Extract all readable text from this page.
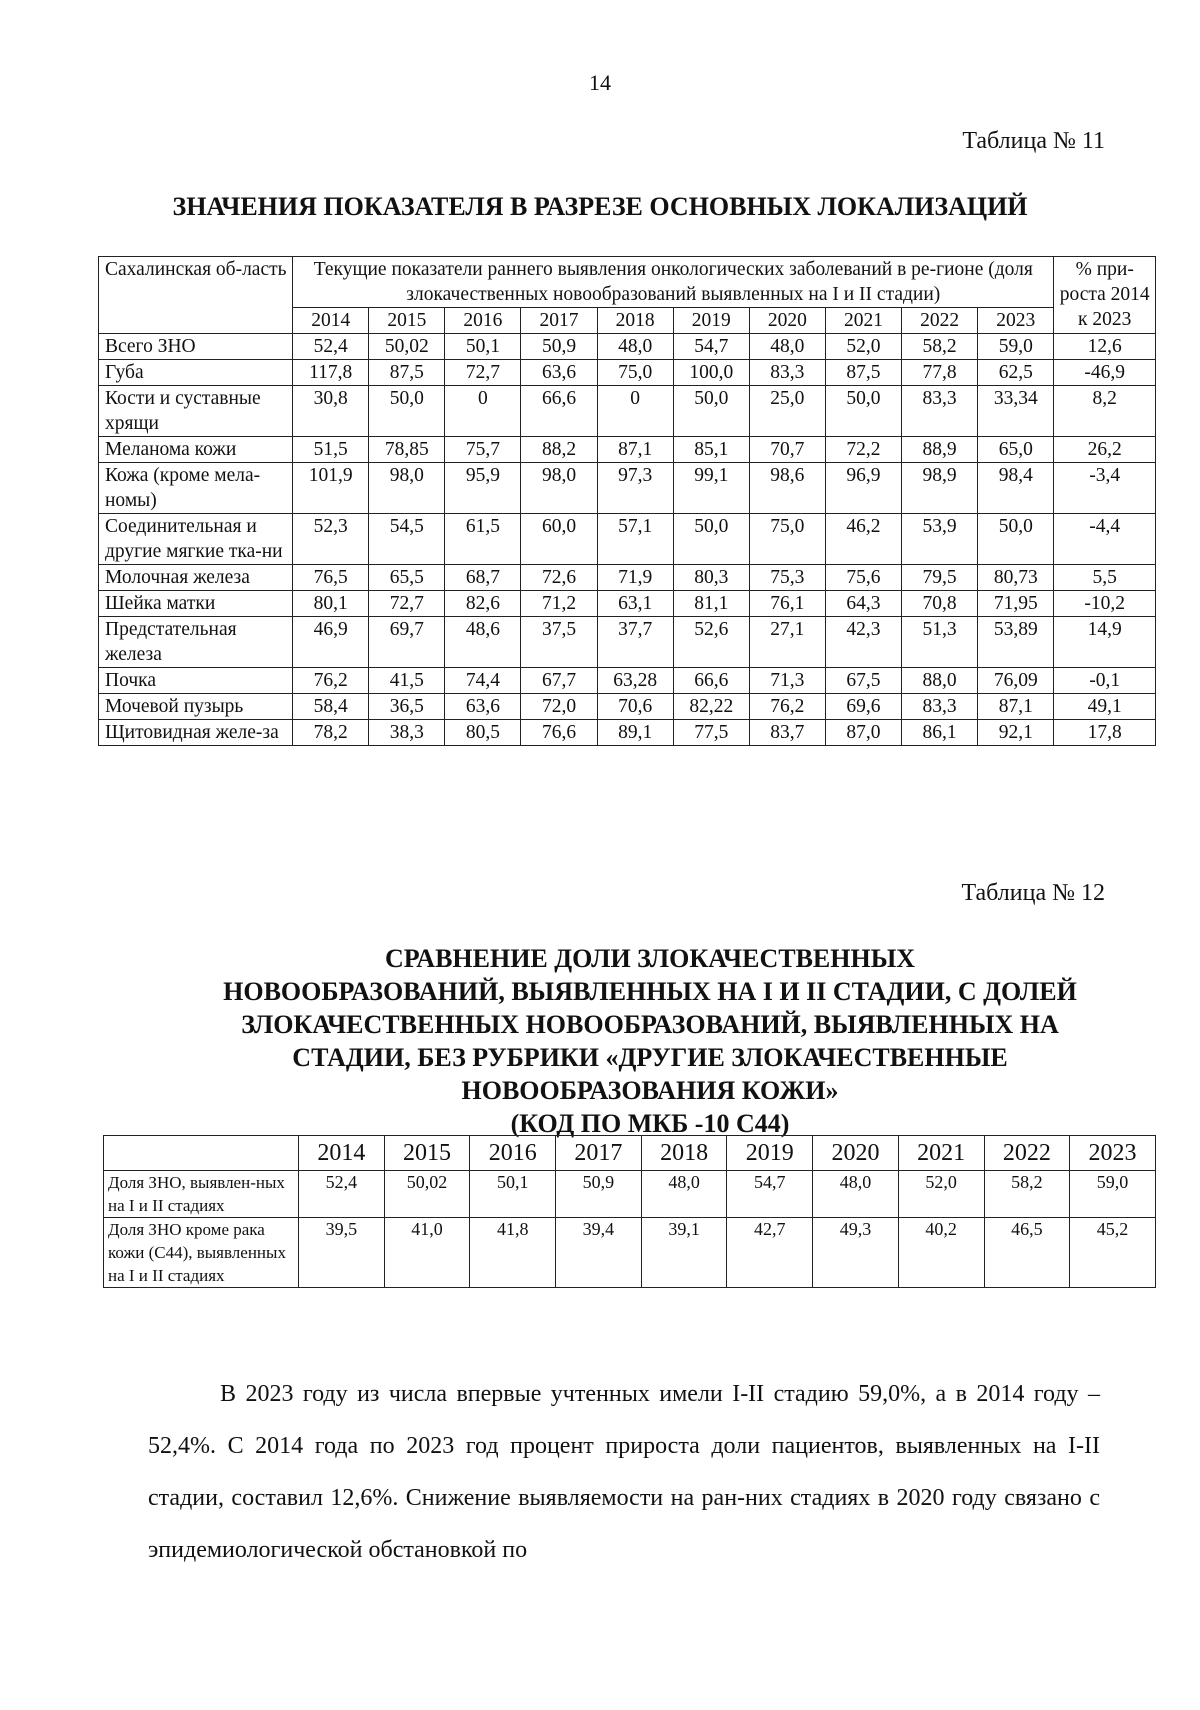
14
Таблица № 11
ЗНАЧЕНИЯ ПОКАЗАТЕЛЯ В РАЗРЕЗЕ ОСНОВНЫХ ЛОКАЛИЗАЦИЙ
Сахалинская об-ласть	Текущие показатели раннего выявления онкологических заболеваний в ре-гионе (доля злокачественных новообразований выявленных на I и II стадии)										% при-роста 2014 к 2023
	2014	2015	2016	2017	2018	2019	2020	2021	2022	2023	
Всего ЗНО	52,4	50,02	50,1	50,9	48,0	54,7	48,0	52,0	58,2	59,0	12,6
Губа	117,8	87,5	72,7	63,6	75,0	100,0	83,3	87,5	77,8	62,5	-46,9
Кости и суставные хрящи	30,8	50,0	0	66,6	0	50,0	25,0	50,0	83,3	33,34	8,2
Меланома кожи	51,5	78,85	75,7	88,2	87,1	85,1	70,7	72,2	88,9	65,0	26,2
Кожа (кроме мела-номы)	101,9	98,0	95,9	98,0	97,3	99,1	98,6	96,9	98,9	98,4	-3,4
Соединительная и другие мягкие тка-ни	52,3	54,5	61,5	60,0	57,1	50,0	75,0	46,2	53,9	50,0	-4,4
Молочная железа	76,5	65,5	68,7	72,6	71,9	80,3	75,3	75,6	79,5	80,73	5,5
Шейка матки	80,1	72,7	82,6	71,2	63,1	81,1	76,1	64,3	70,8	71,95	-10,2
Предстательная железа	46,9	69,7	48,6	37,5	37,7	52,6	27,1	42,3	51,3	53,89	14,9
Почка	76,2	41,5	74,4	67,7	63,28	66,6	71,3	67,5	88,0	76,09	-0,1
Мочевой пузырь	58,4	36,5	63,6	72,0	70,6	82,22	76,2	69,6	83,3	87,1	49,1
Щитовидная желе-за	78,2	38,3	80,5	76,6	89,1	77,5	83,7	87,0	86,1	92,1	17,8
Таблица № 12
СРАВНЕНИЕ ДОЛИ ЗЛОКАЧЕСТВЕННЫХ
НОВООБРАЗОВАНИЙ, ВЫЯВЛЕННЫХ НА I И II СТАДИИ, С ДОЛЕЙ
ЗЛОКАЧЕСТВЕННЫХ НОВООБРАЗОВАНИЙ, ВЫЯВЛЕННЫХ НА
СТАДИИ, БЕЗ РУБРИКИ «ДРУГИЕ ЗЛОКАЧЕСТВЕННЫЕ
НОВООБРАЗОВАНИЯ КОЖИ»
(КОД ПО МКБ -10 С44)
	2014	2015	2016	2017	2018	2019	2020	2021	2022	2023
Доля ЗНО, выявлен-ных на I и II стадиях	52,4	50,02	50,1	50,9	48,0	54,7	48,0	52,0	58,2	59,0
Доля ЗНО кроме рака кожи (С44), выявленных на I и II стадиях	39,5	41,0	41,8	39,4	39,1	42,7	49,3	40,2	46,5	45,2

В 2023 году из числа впервые учтенных имели I-II стадию 59,0%, а в 2014 году – 52,4%. С 2014 года по 2023 год процент прироста доли пациентов, выявленных на I-II стадии, составил 12,6%. Снижение выявляемости на ран-них стадиях в 2020 году связано с эпидемиологической обстановкой по
